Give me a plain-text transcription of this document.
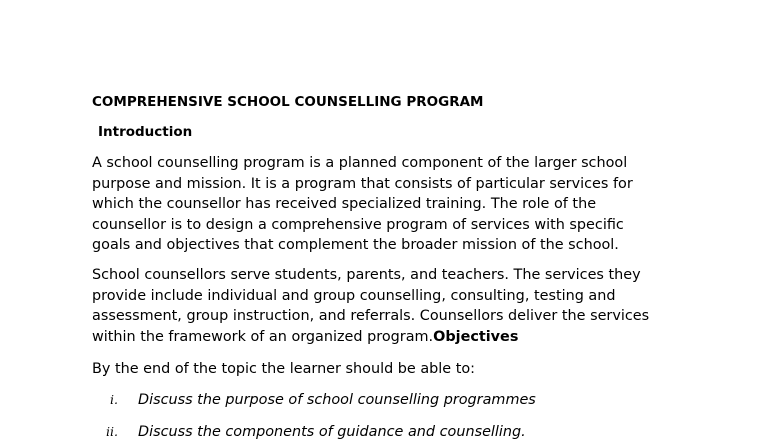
COMPREHENSIVE SCHOOL COUNSELLING PROGRAM
Introduction
A school counselling program is a planned component of the larger school
purpose and mission. It is a program that consists of particular services for
which the counsellor has received specialized training. The role of the
counsellor is to design a comprehensive program of services with specific
goals and objectives that complement the broader mission of the school.
School counsellors serve students, parents, and teachers. The services they
provide include individual and group counselling, consulting, testing and
assessment, group instruction, and referrals. Counsellors deliver the services
within the framework of an organized program.Objectives
By the end of the topic the learner should be able to:
i. Discuss the purpose of school counselling programmes
ii. Discuss the components of guidance and counselling.
